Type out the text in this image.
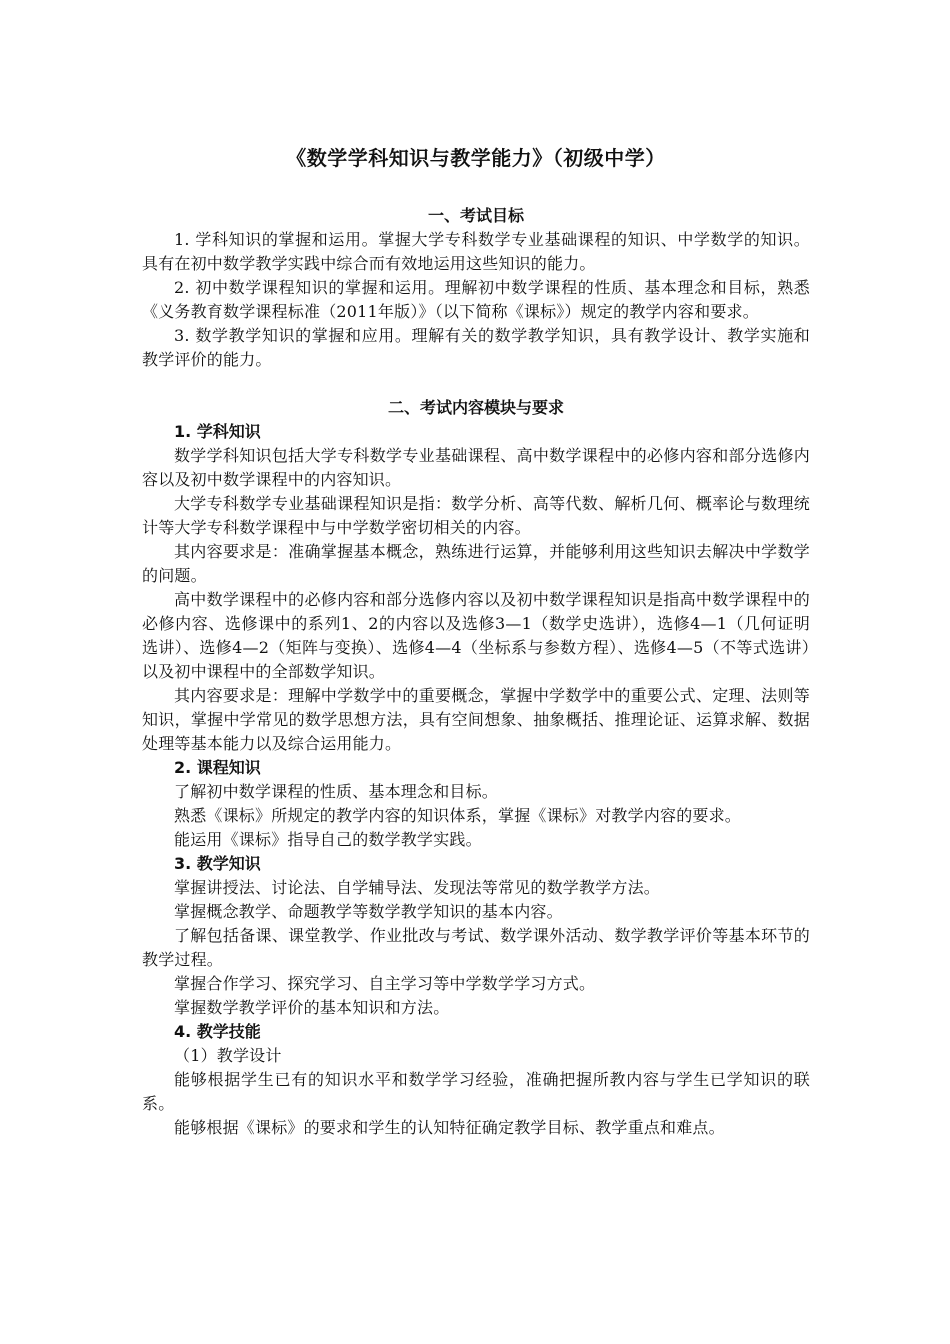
《数学学科知识与教学能力》（初级中学）
一、考试目标

1. 学科知识的掌握和运用。掌握大学专科数学专业基础课程的知识、中学数学的知识。具有在初中数学教学实践中综合而有效地运用这些知识的能力。

2. 初中数学课程知识的掌握和运用。理解初中数学课程的性质、基本理念和目标，熟悉《义务教育数学课程标准（2011年版）》（以下简称《课标》）规定的教学内容和要求。

3. 数学教学知识的掌握和应用。理解有关的数学教学知识，具有教学设计、教学实施和教学评价的能力。

二、考试内容模块与要求

1. 学科知识

数学学科知识包括大学专科数学专业基础课程、高中数学课程中的必修内容和部分选修内容以及初中数学课程中的内容知识。

大学专科数学专业基础课程知识是指：数学分析、高等代数、解析几何、概率论与数理统计等大学专科数学课程中与中学数学密切相关的内容。

其内容要求是：准确掌握基本概念，熟练进行运算，并能够利用这些知识去解决中学数学的问题。

高中数学课程中的必修内容和部分选修内容以及初中数学课程知识是指高中数学课程中的必修内容、选修课中的系列1、2的内容以及选修3—1（数学史选讲），选修4—1（几何证明选讲）、选修4—2（矩阵与变换）、选修4—4（坐标系与参数方程）、选修4—5（不等式选讲）以及初中课程中的全部数学知识。

其内容要求是：理解中学数学中的重要概念，掌握中学数学中的重要公式、定理、法则等知识，掌握中学常见的数学思想方法，具有空间想象、抽象概括、推理论证、运算求解、数据处理等基本能力以及综合运用能力。

2. 课程知识

了解初中数学课程的性质、基本理念和目标。

熟悉《课标》所规定的教学内容的知识体系，掌握《课标》对教学内容的要求。

能运用《课标》指导自己的数学教学实践。

3. 教学知识

掌握讲授法、讨论法、自学辅导法、发现法等常见的数学教学方法。

掌握概念教学、命题教学等数学教学知识的基本内容。

了解包括备课、课堂教学、作业批改与考试、数学课外活动、数学教学评价等基本环节的教学过程。

掌握合作学习、探究学习、自主学习等中学数学学习方式。

掌握数学教学评价的基本知识和方法。

4. 教学技能

（1）教学设计

能够根据学生已有的知识水平和数学学习经验，准确把握所教内容与学生已学知识的联系。

能够根据《课标》的要求和学生的认知特征确定教学目标、教学重点和难点。
